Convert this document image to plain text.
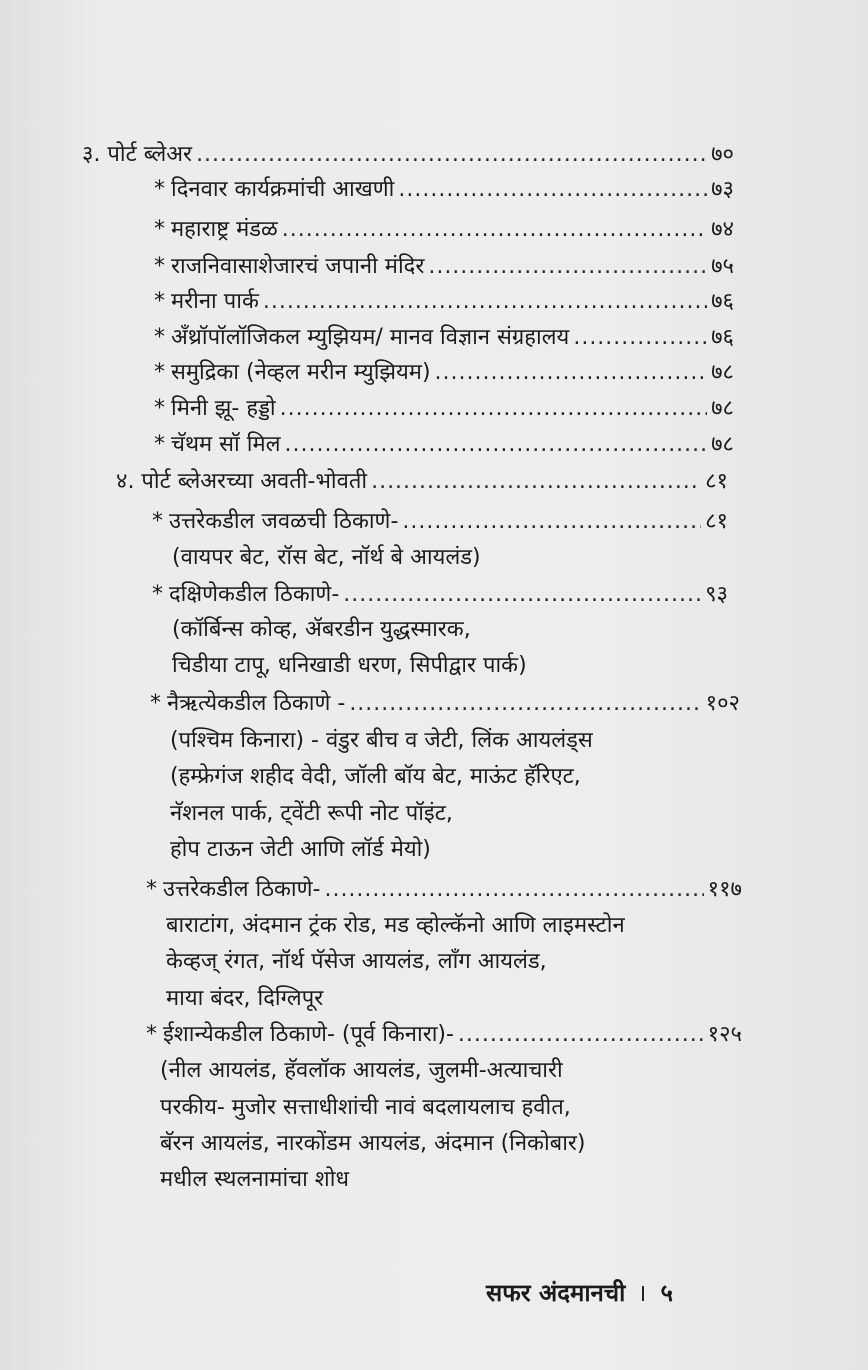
३. पोर्ट ब्लेअर .....	७०
* दिनवार कार्यक्रमांची आखणी .....	७३
* महाराष्ट्र मंडळ .....	७४
* राजनिवासाशेजारचं जपानी मंदिर .....	७५
* मरीना पार्क .....	७६
* अँथ्रॉपॉलॉजिकल म्युझियम/ मानव विज्ञान संग्रहालय .....	७६
* समुद्रिका (नेव्हल मरीन म्युझियम) .....	७८
* मिनी झू- हड्डो .....	७८
* चॅथम सॉ मिल .....	७८
४. पोर्ट ब्लेअरच्या अवती-भोवती .....	८१
* उत्तरेकडील जवळची ठिकाणे- .....	८१
(वायपर बेट, रॉस बेट, नॉर्थ बे आयलंड)
* दक्षिणेकडील ठिकाणे- .....	९३
(कॉर्बिन्स कोव्ह, ॲबरडीन युद्धस्मारक,
चिडीया टापू, धनिखाडी धरण, सिपीद्वार पार्क)
* नैऋत्येकडील ठिकाणे - .....	१०२
(पश्चिम किनारा) - वंडुर बीच व जेटी, लिंक आयलंड्स
(हम्फ्रेगंज शहीद वेदी, जॉली बॉय बेट, माऊंट हॅरिएट,
नॅशनल पार्क, ट्वेंटी रूपी नोट पॉइंट,
होप टाऊन जेटी आणि लॉर्ड मेयो)
* उत्तरेकडील ठिकाणे- .....	११७
बाराटांग, अंदमान ट्रंक रोड, मड व्होल्कॅनो आणि लाइमस्टोन
केव्हज् रंगत, नॉर्थ पॅसेज आयलंड, लाँग आयलंड,
माया बंदर, दिग्लिपूर
* ईशान्येकडील ठिकाणे- (पूर्व किनारा)- .....	१२५
(नील आयलंड, हॅवलॉक आयलंड, जुलमी-अत्याचारी
परकीय- मुजोर सत्ताधीशांची नावं बदलायलाच हवीत,
बॅरन आयलंड, नारकोंडम आयलंड, अंदमान (निकोबार)
मधील स्थलनामांचा शोध
सफर अंदमानची । ५
